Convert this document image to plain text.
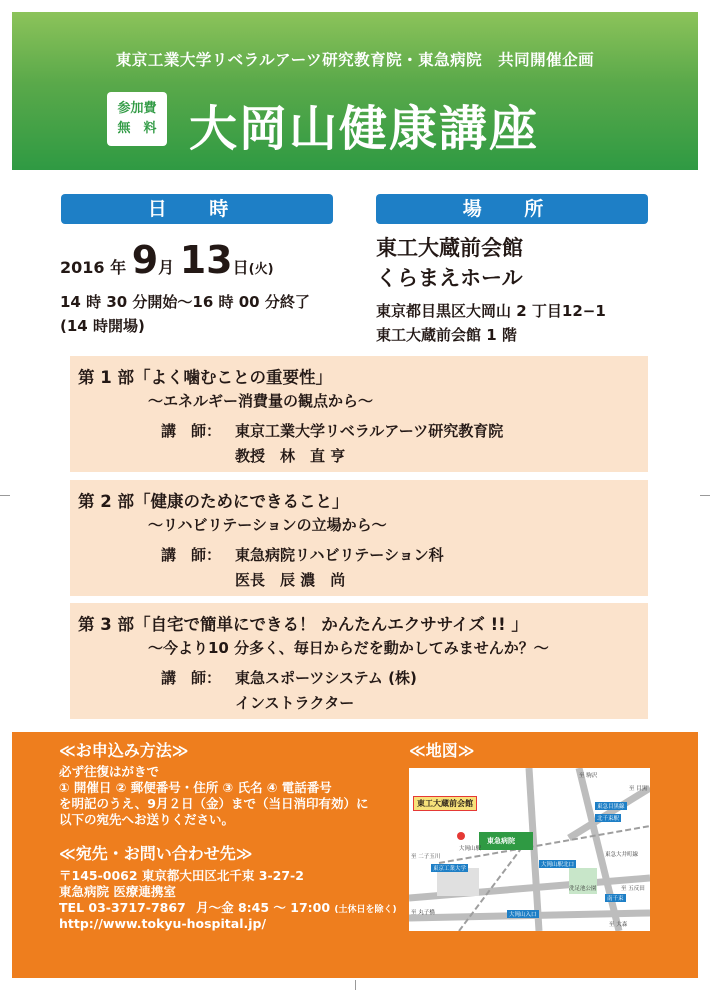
東京工業大学リベラルアーツ研究教育院・東急病院　共同開催企画
参加費
無　料 大岡山健康講座
日 時	場 所
2016 年 9月 13日(火)
14 時 30 分開始～16 時 00 分終了
(14 時開場)
東工大蔵前会館
くらまえホール
東京都目黒区大岡山 2 丁目12−1
東工大蔵前会館 1 階
第 1 部「よく噛むことの重要性」
～エネルギー消費量の観点から～
講　師： 東京工業大学リベラルアーツ研究教育院
教授　林　直 亨
第 2 部「健康のためにできること」
～リハビリテーションの立場から～
講　師： 東急病院リハビリテーション科
医長　辰 濃　尚
第 3 部「自宅で簡単にできる！ かんたんエクササイズ !! 」
～今より10 分多く、毎日からだを動かしてみませんか？～
講　師： 東急スポーツシステム (株)
インストラクター
≪お申込み方法≫
必ず往復はがきで
① 開催日 ② 郵便番号・住所 ③ 氏名 ④ 電話番号
を明記のうえ、9月２日（金）まで（当日消印有効）に
以下の宛先へお送りください。
≪宛先・お問い合わせ先≫
〒145-0062 東京都大田区北千束 3-27-2
東急病院 医療連携室
TEL 03-3717-7867 月～金 8:45 ～ 17:00 (土休日を除く)
http://www.tokyu-hospital.jp/
≪地図≫
東工大蔵前会館
東急病院
至 駒沢
至 目黒
東急目黒線
北千束駅
至 二子玉川
大岡山駅
大岡山駅北口
東急大井町線
東京工業大学
洗足池公園
南千束
至 五反田
至 丸子橋	大岡山入口
至 大森
